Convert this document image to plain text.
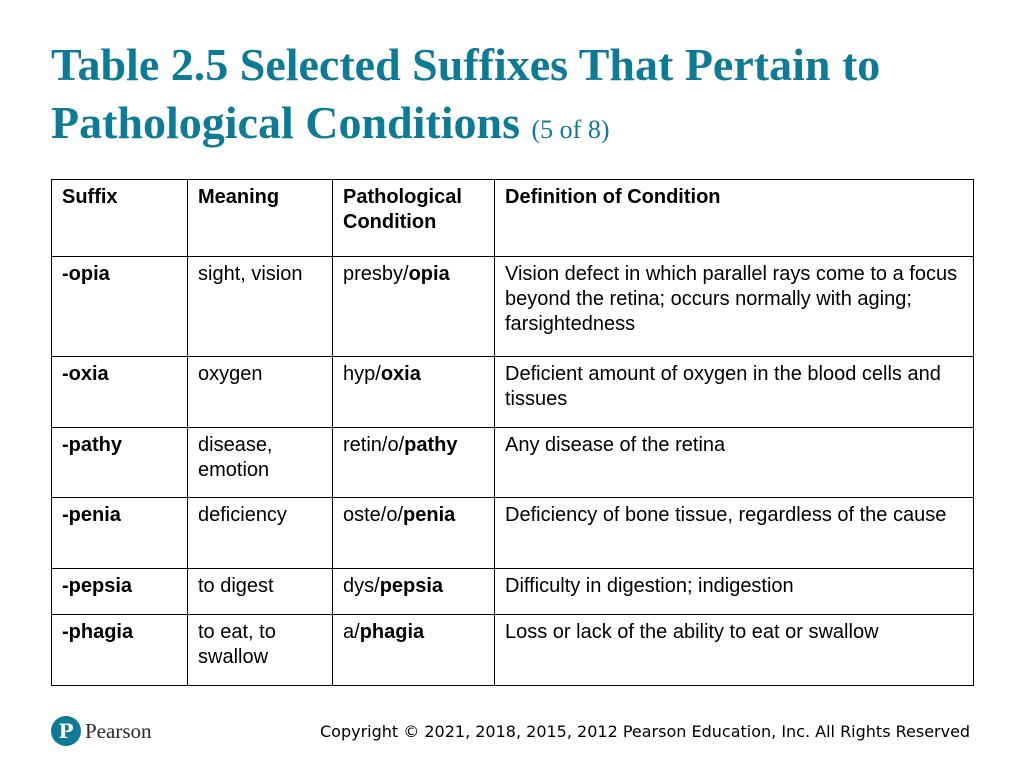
Table 2.5 Selected Suffixes That Pertain to Pathological Conditions (5 of 8)
Suffix	Meaning	Pathological Condition	Definition of Condition
-opia	sight, vision	presby/opia	Vision defect in which parallel rays come to a focus beyond the retina; occurs normally with aging; farsightedness
-oxia	oxygen	hyp/oxia	Deficient amount of oxygen in the blood cells and tissues
-pathy	disease, emotion	retin/o/pathy	Any disease of the retina
-penia	deficiency	oste/o/penia	Deficiency of bone tissue, regardless of the cause
-pepsia	to digest	dys/pepsia	Difficulty in digestion; indigestion
-phagia	to eat, to swallow	a/phagia	Loss or lack of the ability to eat or swallow
P Pearson	Copyright © 2021, 2018, 2015, 2012 Pearson Education, Inc. All Rights Reserved
